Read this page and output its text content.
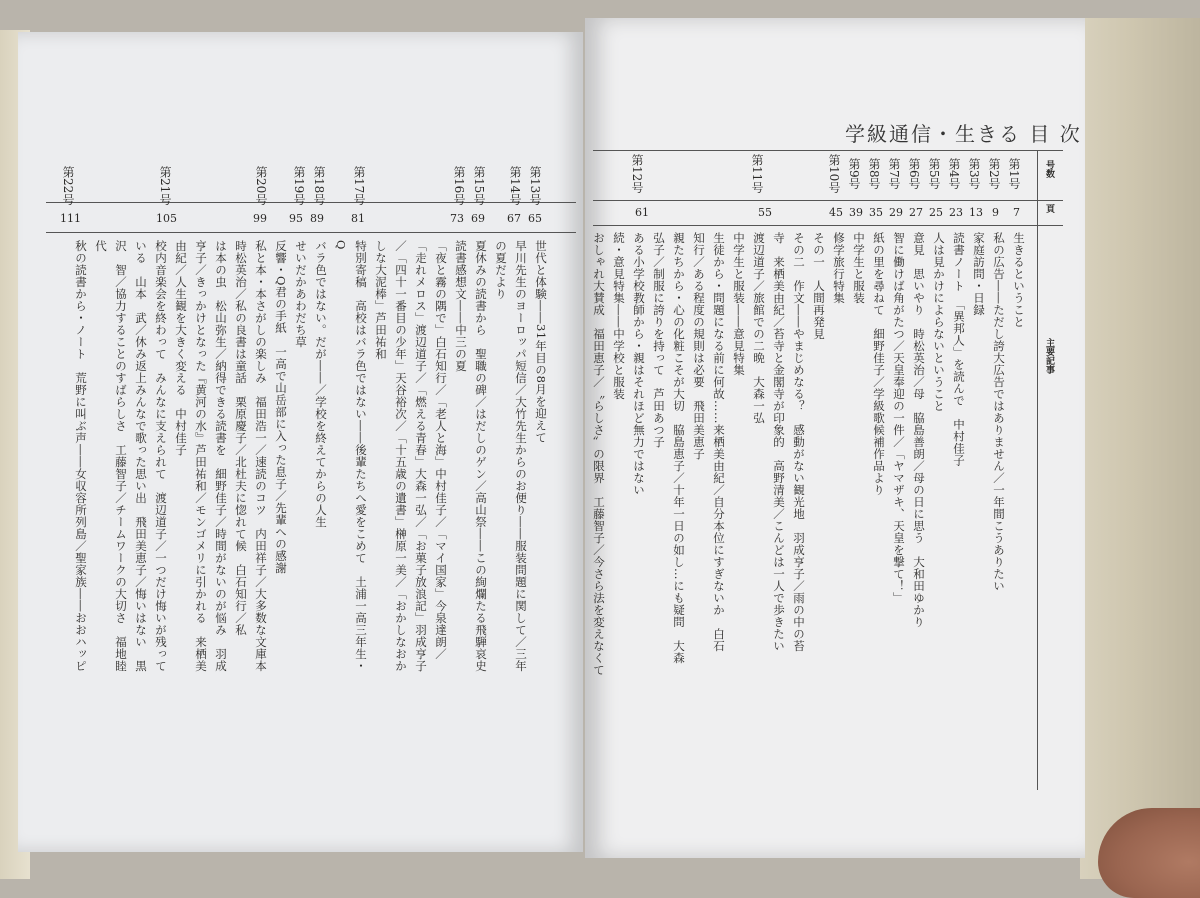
第13号
第14号
第15号
第16号
第17号
第18号
第19号
第20号
第21号
第22号
65
67
69
73
81
89
95
99
105
111
世代と体験――31年目の8月を迎えて
早川先生のヨーロッパ短信／大竹先生からのお便り――服装問題に関して／三年
の夏だより
夏休みの読書から　聖職の碑／はだしのゲン／高山祭――この絢爛たる飛騨哀史
読書感想文――中三の夏
「夜と霧の隅で」白石知行／「老人と海」中村佳子／「マイ国家」今泉達朗／
「走れメロス」渡辺道子／「燃える青春」大森一弘／「お菓子放浪記」羽成亨子
／「四十一番目の少年」天谷裕次／「十五歳の遺書」榊原一美／「おかしなおか
しな大泥棒」芦田祐和
特別寄稿　高校はバラ色ではない――後輩たちへ愛をこめて　土浦一高三年生・
Q
バラ色ではない。だが――／学校を終えてからの人生
せいだかあわだち草
反響・Q君の手紙　一高で山岳部に入った息子／先輩への感謝
私と本・本さがしの楽しみ　福田浩一／速読のコツ　内田祥子／大多数な文庫本
時松英治／私の良書は童話　栗原慶子／北杜夫に惚れて候　白石知行／私
は本の虫　松山弥生／納得できる読書を　細野佳子／時間がないのが悩み　羽成
亨子／きっかけとなった『黄河の水』芦田祐和／モンゴメリに引かれる　来栖美
由紀／人生観を大きく変える　中村佳子
校内音楽会を終わって　みんなに支えられて　渡辺道子／一つだけ悔いが残って
いる　山本　武／休み返上みんなで歌った思い出　飛田美恵子／悔いはない　黒
沢　智／協力することのすばらしさ　工藤智子／チームワークの大切さ　福地睦
代
秋の読書から・ノート　荒野に叫ぶ声――女収容所列島／聖家族――おおハッピ
学級通信・生きる 目 次
号数
頁
主要記事
第1号
第2号
第3号
第4号
第5号
第6号
第7号
第8号
第9号
第10号
第11号
第12号
7
9
13
23
25
27
29
35
39
45
55
61
生きるということ
私の広告――ただし誇大広告ではありません／一年間こうありたい
家庭訪問・日録
読書ノート　「異邦人」を読んで　中村佳子
人は見かけによらないということ
意見　思いやり　時松英治／母　脇島善朗／母の日に思う　大和田ゆかり
智に働けば角がたつ／天皇奉迎の一件／「ヤマザキ、天皇を撃て！」
紙の里を尋ねて　細野佳子／学級歌候補作品より
中学生と服装
修学旅行特集
その一　人間再発見
その二　作文――やまじめなる？　感動がない観光地　羽成亨子／雨の中の苔
寺　来栖美由紀／苔寺と金閣寺が印象的　高野清美／こんどは一人で歩きたい
渡辺道子／旅館での二晩　大森一弘
中学生と服装――意見特集
生徒から・問題になる前に何故……来栖美由紀／自分本位にすぎないか　白石
知行／ある程度の規則は必要　飛田美恵子
親たちから・心の化粧こそが大切　脇島恵子／十年一日の如し…にも疑問　大森
弘子／制服に誇りを持って　芦田あつ子
ある小学校教師から・親はそれほど無力ではない
続・意見特集――中学校と服装
おしゃれ大賛成　福田恵子／〝らしさ〟の限界　工藤智子／今さら法を変えなくて
